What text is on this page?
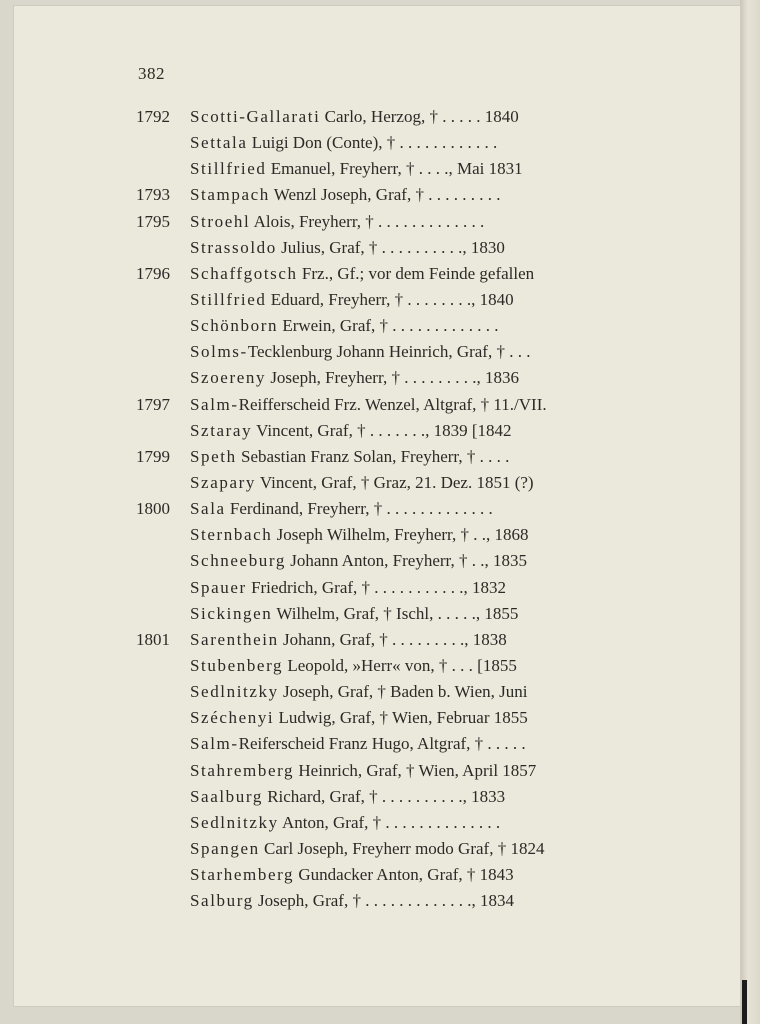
382
1792	Scotti-Gallarati Carlo, Herzog, † . . . . . 1840
Settala Luigi Don (Conte), † . . . . . . . . . . . .
Stillfried Emanuel, Freyherr, † . . . ., Mai 1831
1793	Stampach Wenzl Joseph, Graf, † . . . . . . . . .
1795	Stroehl Alois, Freyherr, † . . . . . . . . . . . . .
Strassoldo Julius, Graf, † . . . . . . . . . ., 1830
1796	Schaffgotsch Frz., Gf.; vor dem Feinde gefallen
Stillfried Eduard, Freyherr, † . . . . . . . ., 1840
Schönborn Erwein, Graf, † . . . . . . . . . . . . .
Solms-Tecklenburg Johann Heinrich, Graf, † . . .
Szoereny Joseph, Freyherr, † . . . . . . . . ., 1836
1797	Salm-Reifferscheid Frz. Wenzel, Altgraf, † 11./VII.
Sztaray Vincent, Graf, † . . . . . . ., 1839 [1842
1799	Speth Sebastian Franz Solan, Freyherr, † . . . .
Szapary Vincent, Graf, † Graz, 21. Dez. 1851 (?)
1800	Sala Ferdinand, Freyherr, † . . . . . . . . . . . . .
Sternbach Joseph Wilhelm, Freyherr, † . ., 1868
Schneeburg Johann Anton, Freyherr, † . ., 1835
Spauer Friedrich, Graf, † . . . . . . . . . . ., 1832
Sickingen Wilhelm, Graf, † Ischl, . . . . ., 1855
1801	Sarenthein Johann, Graf, † . . . . . . . . ., 1838
Stubenberg Leopold, »Herr« von, † . . . [1855
Sedlnitzky Joseph, Graf, † Baden b. Wien, Juni
Széchenyi Ludwig, Graf, † Wien, Februar 1855
Salm-Reiferscheid Franz Hugo, Altgraf, † . . . . .
Stahremberg Heinrich, Graf, † Wien, April 1857
Saalburg Richard, Graf, † . . . . . . . . . ., 1833
Sedlnitzky Anton, Graf, † . . . . . . . . . . . . . .
Spangen Carl Joseph, Freyherr modo Graf, † 1824
Starhemberg Gundacker Anton, Graf, † 1843
Salburg Joseph, Graf, † . . . . . . . . . . . . ., 1834
